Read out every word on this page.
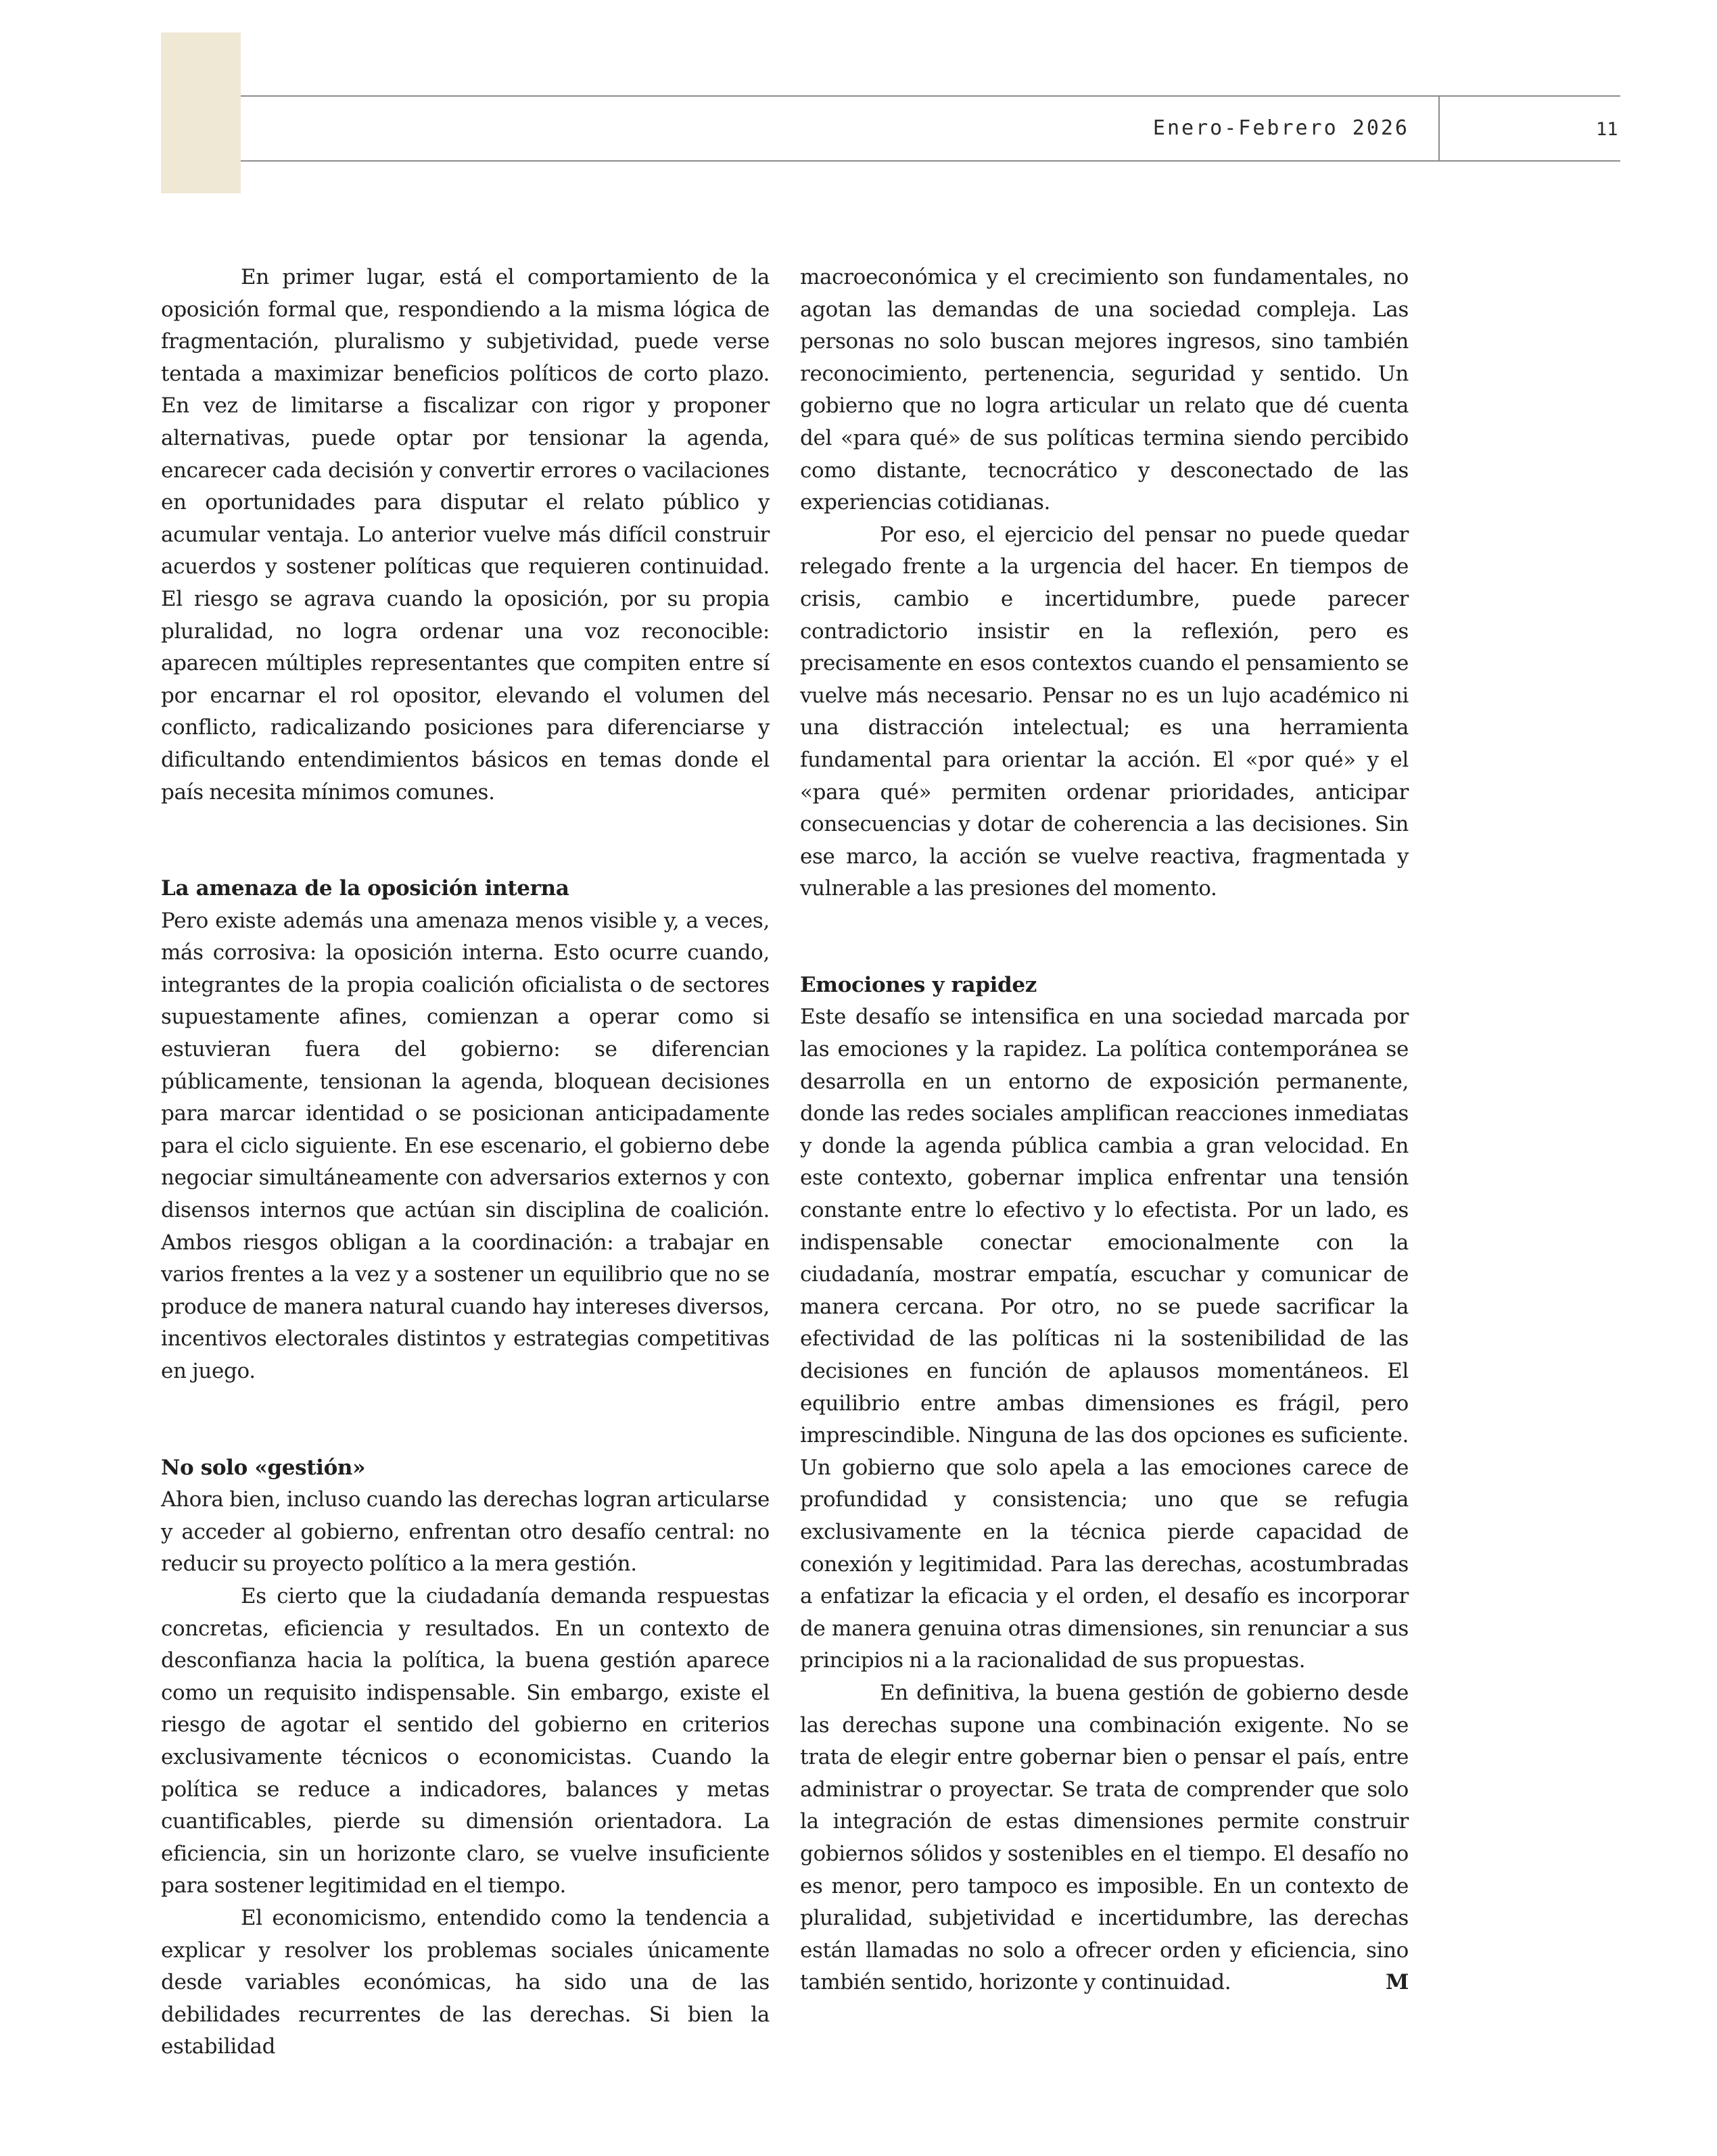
Enero-Febrero 2026	11

En primer lugar, está el comportamiento de la oposición formal que, respondiendo a la misma lógica de fragmentación, pluralismo y subjetividad, puede verse tentada a maximizar beneficios políticos de corto plazo. En vez de limitarse a fiscalizar con rigor y proponer alternativas, puede optar por tensionar la agenda, encarecer cada decisión y convertir errores o vacilaciones en oportunidades para disputar el relato público y acumular ventaja. Lo anterior vuelve más difícil construir acuerdos y sostener políticas que requieren continuidad. El riesgo se agrava cuando la oposición, por su propia pluralidad, no logra ordenar una voz reconocible: aparecen múltiples representantes que compiten entre sí por encarnar el rol opositor, elevando el volumen del conflicto, radicalizando posiciones para diferenciarse y dificultando entendimientos básicos en temas donde el país necesita mínimos comunes.

La amenaza de la oposición interna

Pero existe además una amenaza menos visible y, a veces, más corrosiva: la oposición interna. Esto ocurre cuando, integrantes de la propia coalición oficialista o de sectores supuestamente afines, comienzan a operar como si estuvieran fuera del gobierno: se diferencian públicamente, tensionan la agenda, bloquean decisiones para marcar identidad o se posicionan anticipadamente para el ciclo siguiente. En ese escenario, el gobierno debe negociar simultáneamente con adversarios externos y con disensos internos que actúan sin disciplina de coalición. Ambos riesgos obligan a la coordinación: a trabajar en varios frentes a la vez y a sostener un equilibrio que no se produce de manera natural cuando hay intereses diversos, incentivos electorales distintos y estrategias competitivas en juego.

No solo «gestión»

Ahora bien, incluso cuando las derechas logran articularse y acceder al gobierno, enfrentan otro desafío central: no reducir su proyecto político a la mera gestión.

Es cierto que la ciudadanía demanda respuestas concretas, eficiencia y resultados. En un contexto de desconfianza hacia la política, la buena gestión aparece como un requisito indispensable. Sin embargo, existe el riesgo de agotar el sentido del gobierno en criterios exclusivamente técnicos o economicistas. Cuando la política se reduce a indicadores, balances y metas cuantificables, pierde su dimensión orientadora. La eficiencia, sin un horizonte claro, se vuelve insuficiente para sostener legitimidad en el tiempo.

El economicismo, entendido como la tendencia a explicar y resolver los problemas sociales únicamente desde variables económicas, ha sido una de las debilidades recurrentes de las derechas. Si bien la estabilidad

macroeconómica y el crecimiento son fundamentales, no agotan las demandas de una sociedad compleja. Las personas no solo buscan mejores ingresos, sino también reconocimiento, pertenencia, seguridad y sentido. Un gobierno que no logra articular un relato que dé cuenta del «para qué» de sus políticas termina siendo percibido como distante, tecnocrático y desconectado de las experiencias cotidianas.

Por eso, el ejercicio del pensar no puede quedar relegado frente a la urgencia del hacer. En tiempos de crisis, cambio e incertidumbre, puede parecer contradictorio insistir en la reflexión, pero es precisamente en esos contextos cuando el pensamiento se vuelve más necesario. Pensar no es un lujo académico ni una distracción intelectual; es una herramienta fundamental para orientar la acción. El «por qué» y el «para qué» permiten ordenar prioridades, anticipar consecuencias y dotar de coherencia a las decisiones. Sin ese marco, la acción se vuelve reactiva, fragmentada y vulnerable a las presiones del momento.

Emociones y rapidez

Este desafío se intensifica en una sociedad marcada por las emociones y la rapidez. La política contemporánea se desarrolla en un entorno de exposición permanente, donde las redes sociales amplifican reacciones inmediatas y donde la agenda pública cambia a gran velocidad. En este contexto, gobernar implica enfrentar una tensión constante entre lo efectivo y lo efectista. Por un lado, es indispensable conectar emocionalmente con la ciudadanía, mostrar empatía, escuchar y comunicar de manera cercana. Por otro, no se puede sacrificar la efectividad de las políticas ni la sostenibilidad de las decisiones en función de aplausos momentáneos. El equilibrio entre ambas dimensiones es frágil, pero imprescindible. Ninguna de las dos opciones es suficiente. Un gobierno que solo apela a las emociones carece de profundidad y consistencia; uno que se refugia exclusivamente en la técnica pierde capacidad de conexión y legitimidad. Para las derechas, acostumbradas a enfatizar la eficacia y el orden, el desafío es incorporar de manera genuina otras dimensiones, sin renunciar a sus principios ni a la racionalidad de sus propuestas.

En definitiva, la buena gestión de gobierno desde las derechas supone una combinación exigente. No se trata de elegir entre gobernar bien o pensar el país, entre administrar o proyectar. Se trata de comprender que solo la integración de estas dimensiones permite construir gobiernos sólidos y sostenibles en el tiempo. El desafío no es menor, pero tampoco es imposible. En un contexto de pluralidad, subjetividad e incertidumbre, las derechas están llamadas no solo a ofrecer orden y eficiencia, sino también sentido, horizonte y continuidad.	M
